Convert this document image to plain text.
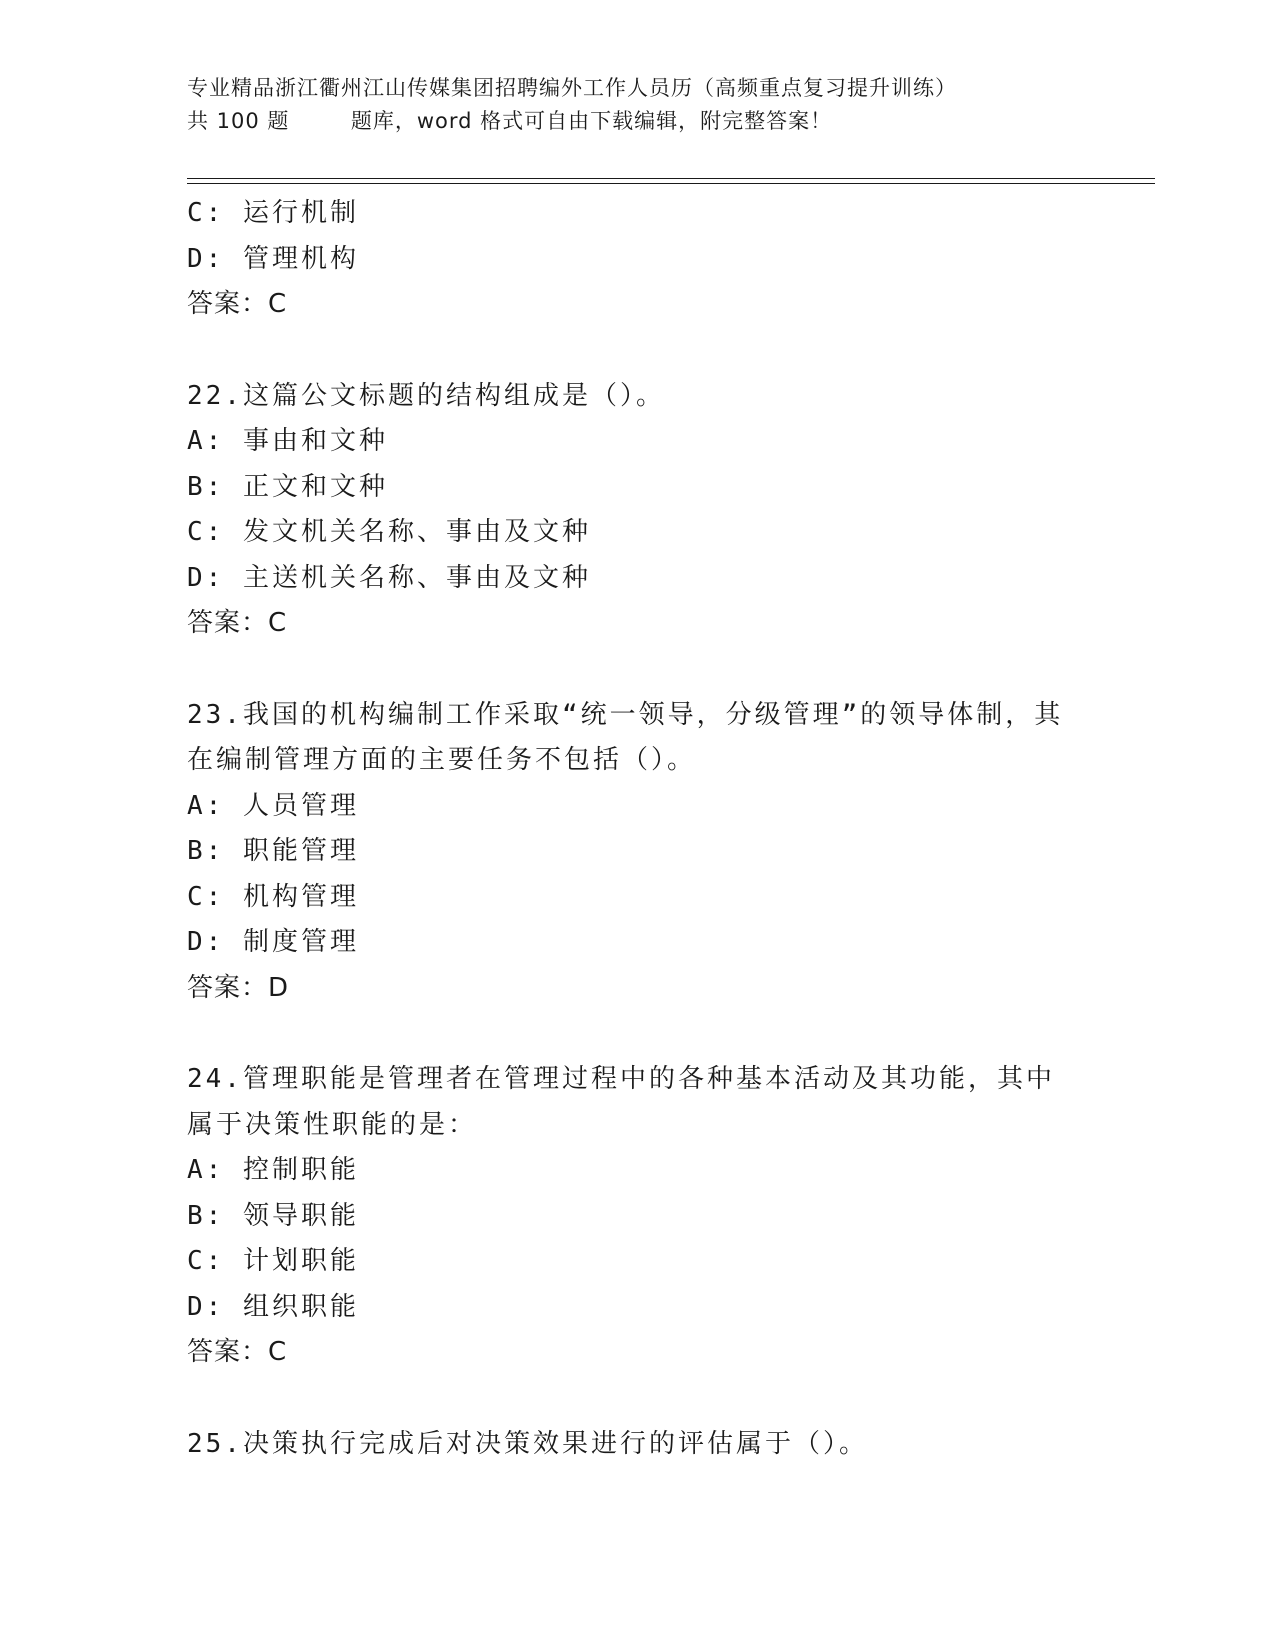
专业精品浙江衢州江山传媒集团招聘编外工作人员历（高频重点复习提升训练）
共 100 题        题库，word 格式可自由下载编辑，附完整答案！
C: 运行机制
D: 管理机构
答案：C
22.这篇公文标题的结构组成是（）。
A: 事由和文种
B: 正文和文种
C: 发文机关名称、事由及文种
D: 主送机关名称、事由及文种
答案：C
23.我国的机构编制工作采取“统一领导，分级管理”的领导体制，其在编制管理方面的主要任务不包括（）。
A: 人员管理
B: 职能管理
C: 机构管理
D: 制度管理
答案：D
24.管理职能是管理者在管理过程中的各种基本活动及其功能，其中属于决策性职能的是：
A: 控制职能
B: 领导职能
C: 计划职能
D: 组织职能
答案：C
25.决策执行完成后对决策效果进行的评估属于（）。
